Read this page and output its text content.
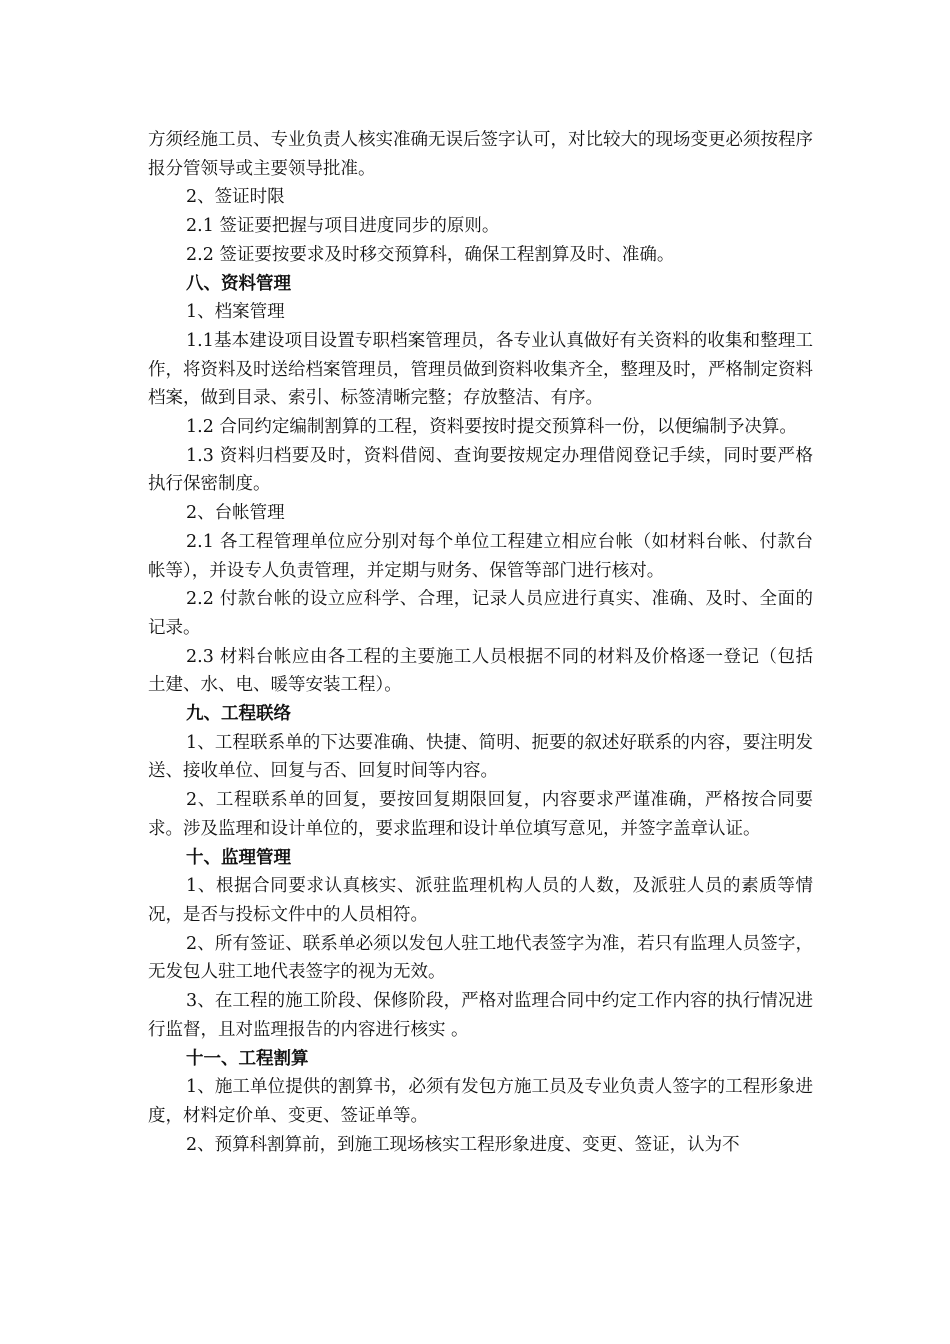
方须经施工员、专业负责人核实准确无误后签字认可，对比较大的现场变更必须按程序报分管领导或主要领导批准。

2、签证时限

2.1 签证要把握与项目进度同步的原则。

2.2 签证要按要求及时移交预算科，确保工程割算及时、准确。

八、资料管理

1、档案管理

1.1基本建设项目设置专职档案管理员，各专业认真做好有关资料的收集和整理工作，将资料及时送给档案管理员，管理员做到资料收集齐全，整理及时，严格制定资料档案，做到目录、索引、标签清晰完整；存放整洁、有序。

1.2 合同约定编制割算的工程，资料要按时提交预算科一份，以便编制予决算。

1.3 资料归档要及时，资料借阅、查询要按规定办理借阅登记手续，同时要严格执行保密制度。

2、台帐管理

2.1 各工程管理单位应分别对每个单位工程建立相应台帐（如材料台帐、付款台帐等），并设专人负责管理，并定期与财务、保管等部门进行核对。

2.2 付款台帐的设立应科学、合理，记录人员应进行真实、准确、及时、全面的记录。

2.3 材料台帐应由各工程的主要施工人员根据不同的材料及价格逐一登记（包括土建、水、电、暖等安装工程）。

九、工程联络

1、工程联系单的下达要准确、快捷、简明、扼要的叙述好联系的内容，要注明发送、接收单位、回复与否、回复时间等内容。

2、工程联系单的回复，要按回复期限回复，内容要求严谨准确，严格按合同要求。涉及监理和设计单位的，要求监理和设计单位填写意见，并签字盖章认证。

十、监理管理

1、根据合同要求认真核实、派驻监理机构人员的人数，及派驻人员的素质等情况，是否与投标文件中的人员相符。

2、所有签证、联系单必须以发包人驻工地代表签字为准，若只有监理人员签字，无发包人驻工地代表签字的视为无效。

3、在工程的施工阶段、保修阶段，严格对监理合同中约定工作内容的执行情况进行监督，且对监理报告的内容进行核实 。

十一、工程割算

1、施工单位提供的割算书，必须有发包方施工员及专业负责人签字的工程形象进度，材料定价单、变更、签证单等。

2、预算科割算前，到施工现场核实工程形象进度、变更、签证，认为不
